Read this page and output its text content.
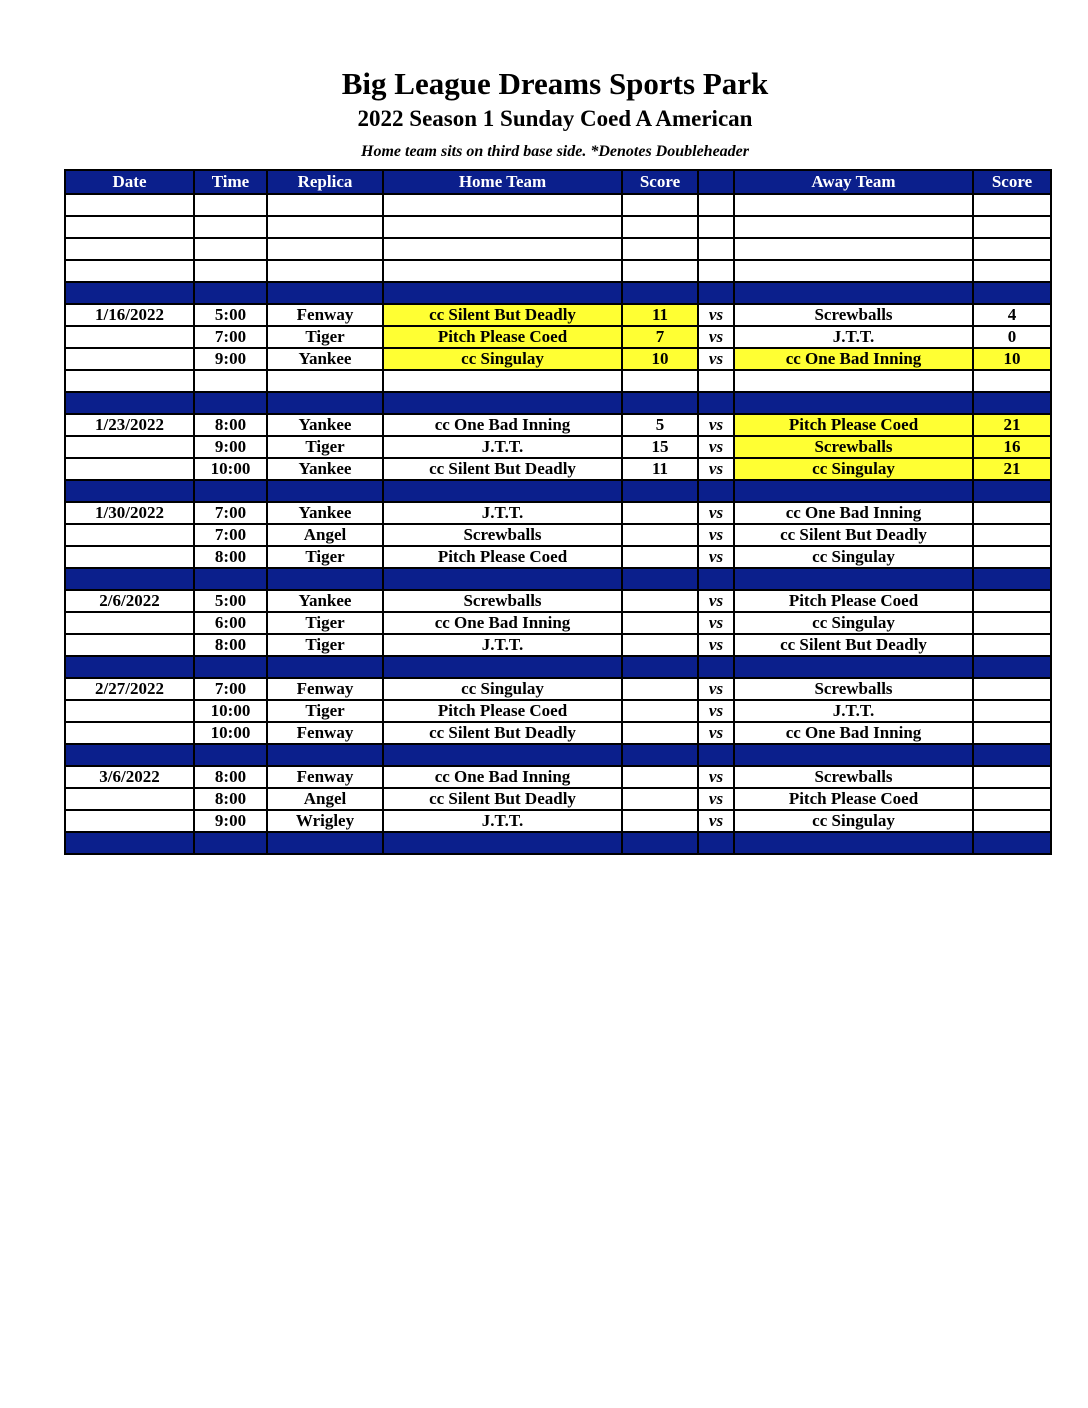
Big League Dreams Sports Park
2022 Season 1 Sunday Coed A American
Home team sits on third base side. *Denotes Doubleheader
Date	Time	Replica	Home Team	Score		Away Team	Score

1/16/2022	5:00	Fenway	cc Silent But Deadly	11	vs	Screwballs	4
	7:00	Tiger	Pitch Please Coed	7	vs	J.T.T.	0
	9:00	Yankee	cc Singulay	10	vs	cc One Bad Inning	10

1/23/2022	8:00	Yankee	cc One Bad Inning	5	vs	Pitch Please Coed	21
	9:00	Tiger	J.T.T.	15	vs	Screwballs	16
	10:00	Yankee	cc Silent But Deadly	11	vs	cc Singulay	21

1/30/2022	7:00	Yankee	J.T.T.		vs	cc One Bad Inning	
	7:00	Angel	Screwballs		vs	cc Silent But Deadly	
	8:00	Tiger	Pitch Please Coed		vs	cc Singulay	

2/6/2022	5:00	Yankee	Screwballs		vs	Pitch Please Coed	
	6:00	Tiger	cc One Bad Inning		vs	cc Singulay	
	8:00	Tiger	J.T.T.		vs	cc Silent But Deadly	

2/27/2022	7:00	Fenway	cc Singulay		vs	Screwballs	
	10:00	Tiger	Pitch Please Coed		vs	J.T.T.	
	10:00	Fenway	cc Silent But Deadly		vs	cc One Bad Inning	

3/6/2022	8:00	Fenway	cc One Bad Inning		vs	Screwballs	
	8:00	Angel	cc Silent But Deadly		vs	Pitch Please Coed	
	9:00	Wrigley	J.T.T.		vs	cc Singulay	
